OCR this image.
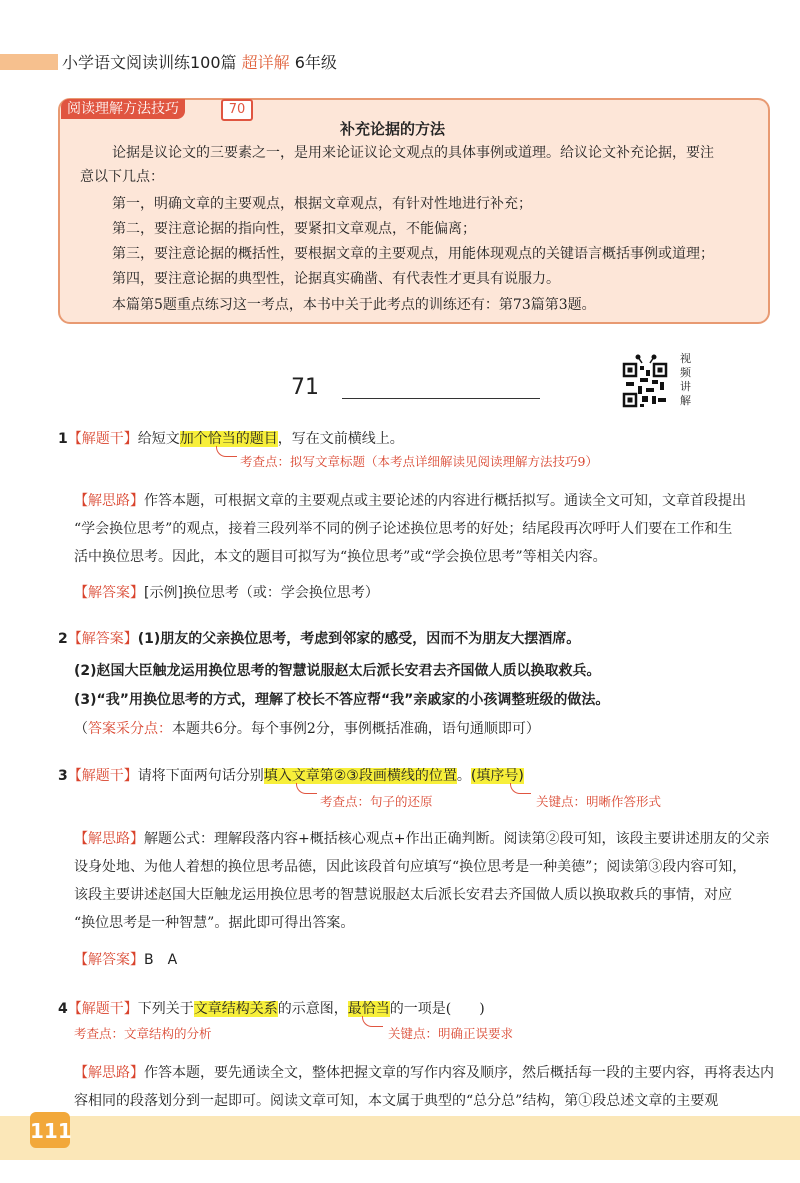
小学语文阅读训练100篇 超详解 6年级
阅读理解方法技巧	70
补充论据的方法
论据是议论文的三要素之一，是用来论证议论文观点的具体事例或道理。给议论文补充论据，要注
意以下几点：
第一，明确文章的主要观点，根据文章观点，有针对性地进行补充；
第二，要注意论据的指向性，要紧扣文章观点，不能偏离；
第三，要注意论据的概括性，要根据文章的主要观点，用能体现观点的关键语言概括事例或道理；
第四，要注意论据的典型性，论据真实确凿、有代表性才更具有说服力。
本篇第5题重点练习这一考点，本书中关于此考点的训练还有：第73篇第3题。
71
视
频
讲
解
1【解题干】给短文加个恰当的题目，写在文前横线上。
考查点：拟写文章标题（本考点详细解读见阅读理解方法技巧9）
【解思路】作答本题，可根据文章的主要观点或主要论述的内容进行概括拟写。通读全文可知，文章首段提出
“学会换位思考”的观点，接着三段列举不同的例子论述换位思考的好处；结尾段再次呼吁人们要在工作和生
活中换位思考。因此，本文的题目可拟写为“换位思考”或“学会换位思考”等相关内容。
【解答案】[示例]换位思考（或：学会换位思考）
2【解答案】(1)朋友的父亲换位思考，考虑到邻家的感受，因而不为朋友大摆酒席。
(2)赵国大臣触龙运用换位思考的智慧说服赵太后派长安君去齐国做人质以换取救兵。
(3)“我”用换位思考的方式，理解了校长不答应帮“我”亲戚家的小孩调整班级的做法。
（答案采分点：本题共6分。每个事例2分，事例概括准确，语句通顺即可）
3【解题干】请将下面两句话分别填入文章第②③段画横线的位置。(填序号)
考查点：句子的还原	关键点：明晰作答形式
【解思路】解题公式：理解段落内容+概括核心观点+作出正确判断。阅读第②段可知，该段主要讲述朋友的父亲
设身处地、为他人着想的换位思考品德，因此该段首句应填写“换位思考是一种美德”；阅读第③段内容可知，
该段主要讲述赵国大臣触龙运用换位思考的智慧说服赵太后派长安君去齐国做人质以换取救兵的事情，对应
“换位思考是一种智慧”。据此即可得出答案。
【解答案】B　A
4【解题干】下列关于文章结构关系的示意图，最恰当的一项是(　　)
考查点：文章结构的分析	关键点：明确正误要求
【解思路】作答本题，要先通读全文，整体把握文章的写作内容及顺序，然后概括每一段的主要内容，再将表达内
容相同的段落划分到一起即可。阅读文章可知，本文属于典型的“总分总”结构，第①段总述文章的主要观
111
